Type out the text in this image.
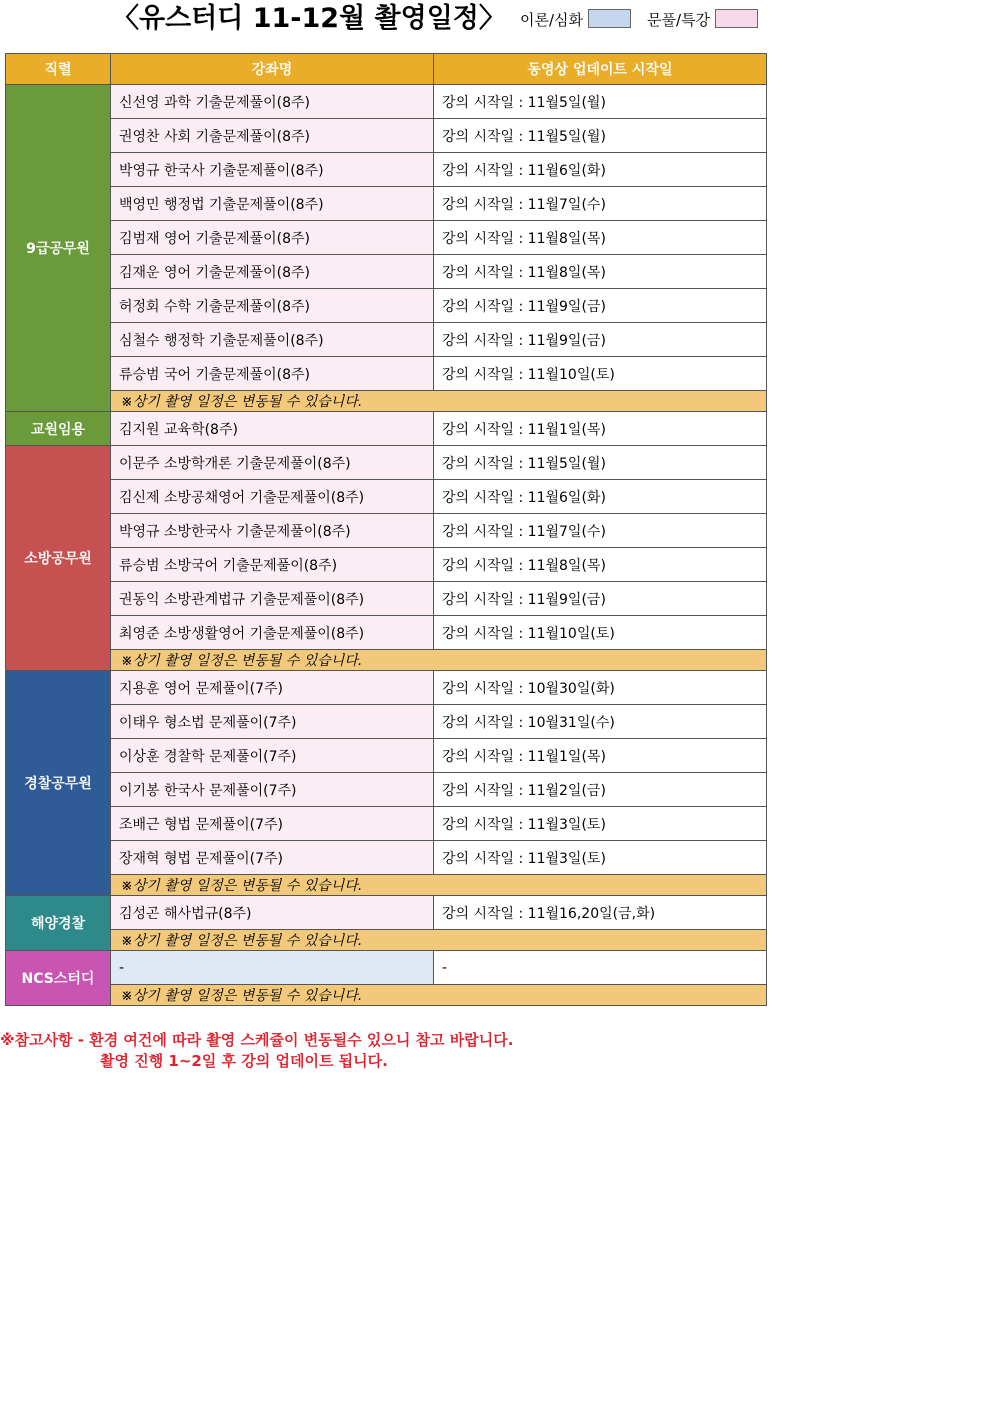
〈유스터디 11-12월 촬영일정〉 이론/심화	문풀/특강
직렬	강좌명	동영상 업데이트 시작일
9급공무원	신선영 과학 기출문제풀이(8주)	강의 시작일 : 11월5일(월)
	권영찬 사회 기출문제풀이(8주)	강의 시작일 : 11월5일(월)
	박영규 한국사 기출문제풀이(8주)	강의 시작일 : 11월6일(화)
	백영민 행정법 기출문제풀이(8주)	강의 시작일 : 11월7일(수)
	김범재 영어 기출문제풀이(8주)	강의 시작일 : 11월8일(목)
	김재운 영어 기출문제풀이(8주)	강의 시작일 : 11월8일(목)
	허정회 수학 기출문제풀이(8주)	강의 시작일 : 11월9일(금)
	심철수 행정학 기출문제풀이(8주)	강의 시작일 : 11월9일(금)
	류승범 국어 기출문제풀이(8주)	강의 시작일 : 11월10일(토)
	※상기 촬영 일정은 변동될 수 있습니다.	
교원임용	김지원 교육학(8주)	강의 시작일 : 11월1일(목)
소방공무원	이문주 소방학개론 기출문제풀이(8주)	강의 시작일 : 11월5일(월)
	김신제 소방공채영어 기출문제풀이(8주)	강의 시작일 : 11월6일(화)
	박영규 소방한국사 기출문제풀이(8주)	강의 시작일 : 11월7일(수)
	류승범 소방국어 기출문제풀이(8주)	강의 시작일 : 11월8일(목)
	권동익 소방관계법규 기출문제풀이(8주)	강의 시작일 : 11월9일(금)
	최영준 소방생활영어 기출문제풀이(8주)	강의 시작일 : 11월10일(토)
	※상기 촬영 일정은 변동될 수 있습니다.	
경찰공무원	지용훈 영어 문제풀이(7주)	강의 시작일 : 10월30일(화)
	이태우 형소법 문제풀이(7주)	강의 시작일 : 10월31일(수)
	이상훈 경찰학 문제풀이(7주)	강의 시작일 : 11월1일(목)
	이기봉 한국사 문제풀이(7주)	강의 시작일 : 11월2일(금)
	조배근 형법 문제풀이(7주)	강의 시작일 : 11월3일(토)
	장재혁 형법 문제풀이(7주)	강의 시작일 : 11월3일(토)
	※상기 촬영 일정은 변동될 수 있습니다.	
해양경찰	김성곤 해사법규(8주)	강의 시작일 : 11월16,20일(금,화)
	※상기 촬영 일정은 변동될 수 있습니다.	
NCS스터디	-	-
	※상기 촬영 일정은 변동될 수 있습니다.	
※참고사항 - 환경 여건에 따라 촬영 스케쥴이 변동될수 있으니 참고 바랍니다.
촬영 진행 1~2일 후 강의 업데이트 됩니다.
